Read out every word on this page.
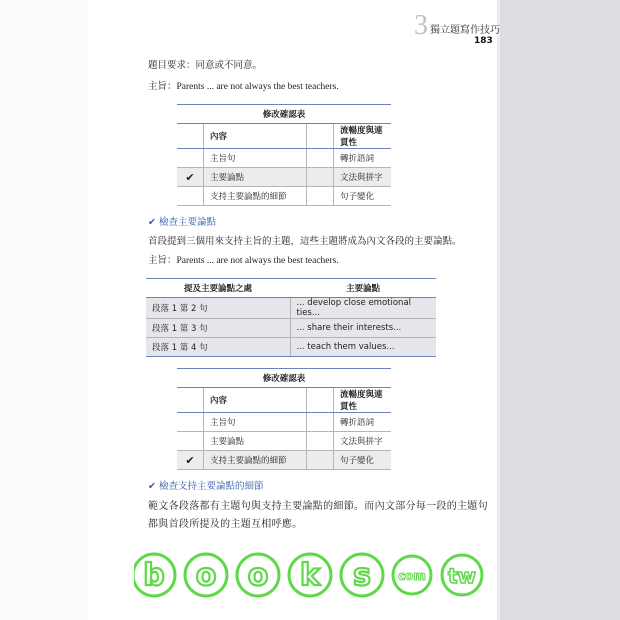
3 獨立題寫作技巧
183
題目要求：同意或不同意。
主旨：Parents ... are not always the best teachers.
修改確認表			
	內容		流暢度與連貫性
	主旨句		轉折語詞
✔	主要論點		文法與拼字
	支持主要論點的細節		句子變化
✔ 檢查主要論點
首段提到三個用來支持主旨的主題，這些主題將成為內文各段的主要論點。
主旨：Parents ... are not always the best teachers.
提及主要論點之處	主要論點
段落 1 第 2 句	... develop close emotional ties...
段落 1 第 3 句	... share their interests...
段落 1 第 4 句	... teach them values...
修改確認表			
	內容		流暢度與連貫性
	主旨句		轉折語詞
	主要論點		文法與拼字
✔	支持主要論點的細節		句子變化
✔ 檢查支持主要論點的細節
範文各段落都有主題句與支持主要論點的細節。而內文部分每一段的主題句
都與首段所提及的主題互相呼應。
b o o k s com tw
